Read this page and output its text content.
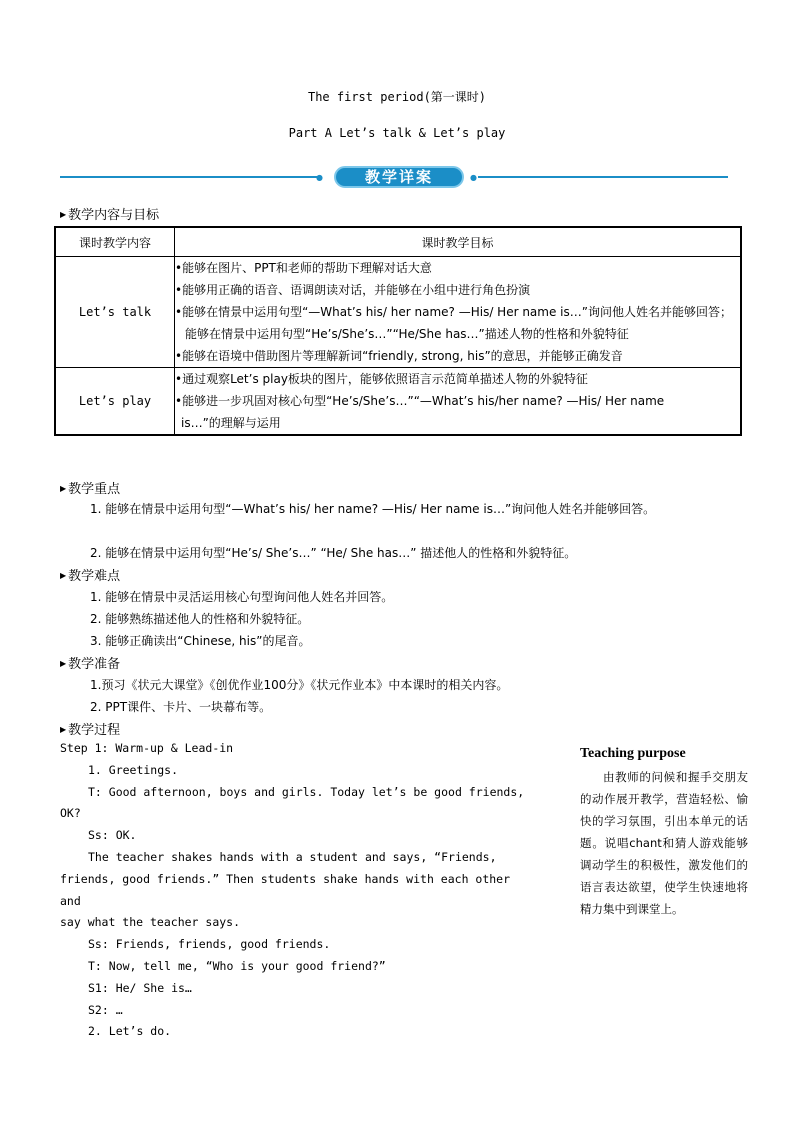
The first period(第一课时)
Part A Let’s talk & Let’s play
●	教学详案	●
▶ 教学内容与目标
课时教学内容	课时教学目标
Let’s talk	•能够在图片、PPT和老师的帮助下理解对话大意
•能够用正确的语音、语调朗读对话，并能够在小组中进行角色扮演
•能够在情景中运用句型“—What’s his/ her name? —His/ Her name is…”询问他人姓名并能够回答；能够在情景中运用句型“He’s/She’s…”“He/She has…”描述人物的性格和外貌特征
•能够在语境中借助图片等理解新词“friendly, strong, his”的意思，并能够正确发音

Let’s play	•通过观察Let’s play板块的图片，能够依照语言示范简单描述人物的外貌特征
•能够进一步巩固对核心句型“He’s/She’s…”“—What’s his/her name? —His/ Her name
is…”的理解与运用
▶ 教学重点
1. 能够在情景中运用句型“—What’s his/ her name? —His/ Her name is…”询问他人姓名并能够回答。
2. 能够在情景中运用句型“He’s/ She’s…” “He/ She has…” 描述他人的性格和外貌特征。
▶ 教学难点
1. 能够在情景中灵活运用核心句型询问他人姓名并回答。
2. 能够熟练描述他人的性格和外貌特征。
3. 能够正确读出“Chinese, his”的尾音。
▶ 教学准备
1.预习《状元大课堂》《创优作业100分》《状元作业本》中本课时的相关内容。
2. PPT课件、卡片、一块幕布等。
▶ 教学过程
Step 1: Warm-up & Lead-in
1. Greetings.
T: Good afternoon, boys and girls. Today let’s be good friends,
OK?
Ss: OK.
The teacher shakes hands with a student and says, “Friends,
friends, good friends.” Then students shake hands with each other and
say what the teacher says.
Ss: Friends, friends, good friends.
T: Now, tell me, “Who is your good friend?”
S1: He/ She is…
S2: …
2. Let’s do.
Teaching purpose

由教师的问候和握手交朋友的动作展开教学，营造轻松、愉快的学习氛围，引出本单元的话题。说唱chant和猜人游戏能够调动学生的积极性，激发他们的语言表达欲望，使学生快速地将精力集中到课堂上。
